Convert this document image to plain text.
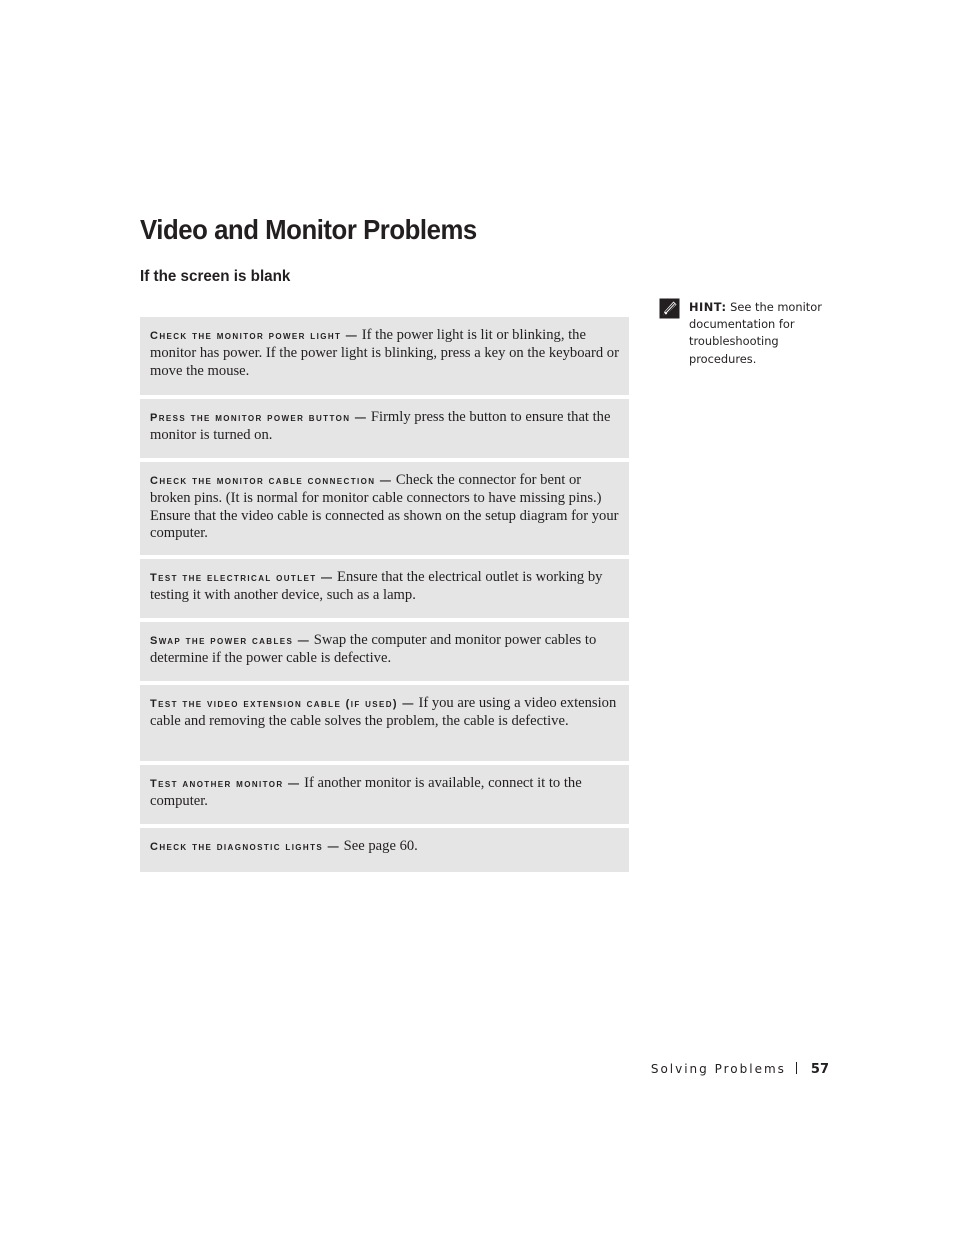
Video and Monitor Problems
If the screen is blank
Check the monitor power light — If the power light is lit or blinking, the monitor has power. If the power light is blinking, press a key on the keyboard or move the mouse.
Press the monitor power button — Firmly press the button to ensure that the monitor is turned on.
Check the monitor cable connection — Check the connector for bent or broken pins. (It is normal for monitor cable connectors to have missing pins.) Ensure that the video cable is connected as shown on the setup diagram for your computer.
Test the electrical outlet — Ensure that the electrical outlet is working by testing it with another device, such as a lamp.
Swap the power cables — Swap the computer and monitor power cables to determine if the power cable is defective.
Test the video extension cable (if used) — If you are using a video extension cable and removing the cable solves the problem, the cable is defective.
Test another monitor — If another monitor is available, connect it to the computer.
Check the diagnostic lights — See page 60.
HINT: See the monitor documentation for troubleshooting procedures.
Solving Problems 57
